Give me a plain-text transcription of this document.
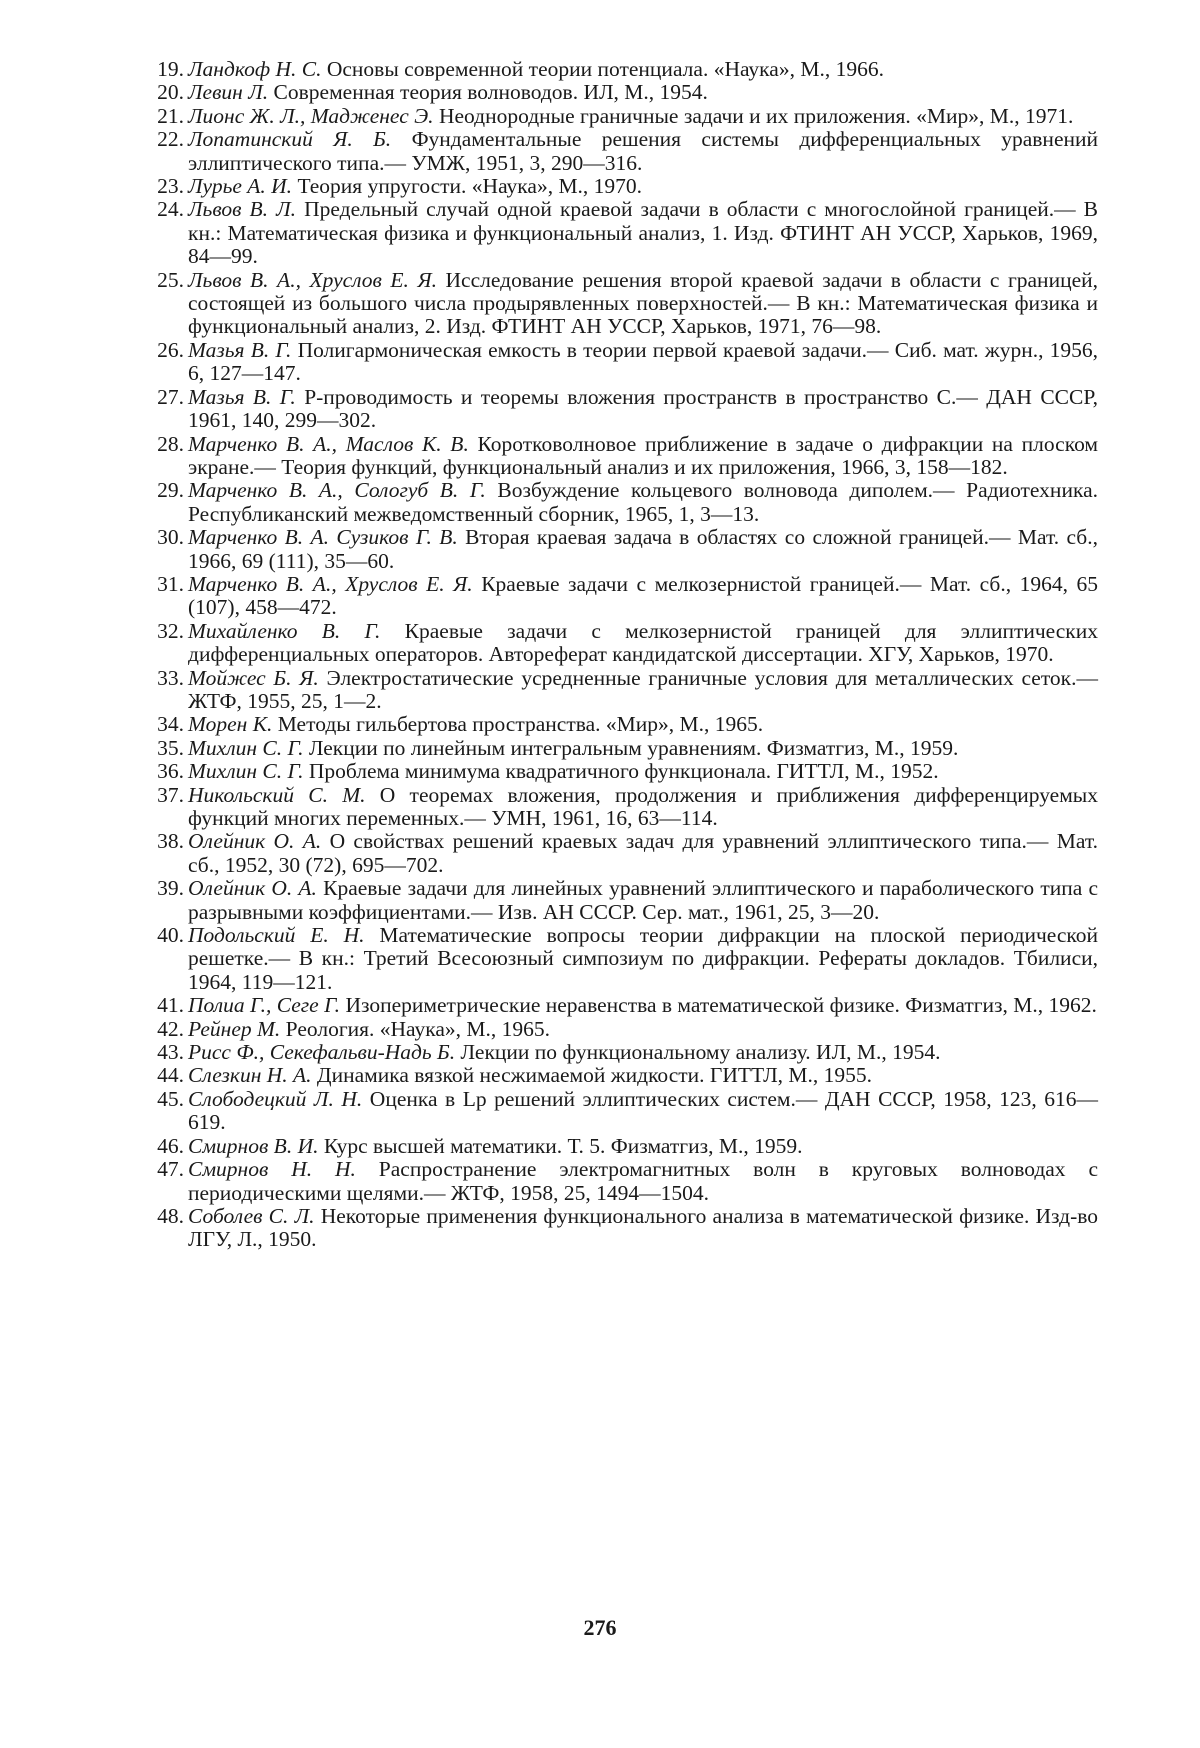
19. Ландкоф Н. С. Основы современной теории потенциала. «Наука», М., 1966.
20. Левин Л. Современная теория волноводов. ИЛ, М., 1954.
21. Лионс Ж. Л., Мадженес Э. Неоднородные граничные задачи и их приложения. «Мир», М., 1971.
22. Лопатинский Я. Б. Фундаментальные решения системы дифференциальных уравнений эллиптического типа.— УМЖ, 1951, 3, 290—316.
23. Лурье А. И. Теория упругости. «Наука», М., 1970.
24. Львов В. Л. Предельный случай одной краевой задачи в области с многослойной границей.— В кн.: Математическая физика и функциональный анализ, 1. Изд. ФТИНТ АН УССР, Харьков, 1969, 84—99.
25. Львов В. А., Хруслов Е. Я. Исследование решения второй краевой задачи в области с границей, состоящей из большого числа продырявленных поверхностей.— В кн.: Математическая физика и функциональный анализ, 2. Изд. ФТИНТ АН УССР, Харьков, 1971, 76—98.
26. Мазья В. Г. Полигармоническая емкость в теории первой краевой задачи.— Сиб. мат. журн., 1956, 6, 127—147.
27. Мазья В. Г. P-проводимость и теоремы вложения пространств в пространство C.— ДАН СССР, 1961, 140, 299—302.
28. Марченко В. А., Маслов К. В. Коротковолновое приближение в задаче о дифракции на плоском экране.— Теория функций, функциональный анализ и их приложения, 1966, 3, 158—182.
29. Марченко В. А., Сологуб В. Г. Возбуждение кольцевого волновода диполем.— Радиотехника. Республиканский межведомственный сборник, 1965, 1, 3—13.
30. Марченко В. А. Сузиков Г. В. Вторая краевая задача в областях со сложной границей.— Мат. сб., 1966, 69 (111), 35—60.
31. Марченко В. А., Хруслов Е. Я. Краевые задачи с мелкозернистой границей.— Мат. сб., 1964, 65 (107), 458—472.
32. Михайленко В. Г. Краевые задачи с мелкозернистой границей для эллиптических дифференциальных операторов. Автореферат кандидатской диссертации. ХГУ, Харьков, 1970.
33. Мойжес Б. Я. Электростатические усредненные граничные условия для металлических сеток.— ЖТФ, 1955, 25, 1—2.
34. Морен К. Методы гильбертова пространства. «Мир», М., 1965.
35. Михлин С. Г. Лекции по линейным интегральным уравнениям. Физматгиз, М., 1959.
36. Михлин С. Г. Проблема минимума квадратичного функционала. ГИТТЛ, М., 1952.
37. Никольский С. М. О теоремах вложения, продолжения и приближения дифференцируемых функций многих переменных.— УМН, 1961, 16, 63—114.
38. Олейник О. А. О свойствах решений краевых задач для уравнений эллиптического типа.— Мат. сб., 1952, 30 (72), 695—702.
39. Олейник О. А. Краевые задачи для линейных уравнений эллиптического и параболического типа с разрывными коэффициентами.— Изв. АН СССР. Сер. мат., 1961, 25, 3—20.
40. Подольский Е. Н. Математические вопросы теории дифракции на плоской периодической решетке.— В кн.: Третий Всесоюзный симпозиум по дифракции. Рефераты докладов. Тбилиси, 1964, 119—121.
41. Полиа Г., Сеге Г. Изопериметрические неравенства в математической физике. Физматгиз, М., 1962.
42. Рейнер М. Реология. «Наука», М., 1965.
43. Рисс Ф., Секефальви-Надь Б. Лекции по функциональному анализу. ИЛ, М., 1954.
44. Слезкин Н. А. Динамика вязкой несжимаемой жидкости. ГИТТЛ, М., 1955.
45. Слободецкий Л. Н. Оценка в Lp решений эллиптических систем.— ДАН СССР, 1958, 123, 616—619.
46. Смирнов В. И. Курс высшей математики. Т. 5. Физматгиз, М., 1959.
47. Смирнов Н. Н. Распространение электромагнитных волн в круговых волноводах с периодическими щелями.— ЖТФ, 1958, 25, 1494—1504.
48. Соболев С. Л. Некоторые применения функционального анализа в математической физике. Изд-во ЛГУ, Л., 1950.
276
